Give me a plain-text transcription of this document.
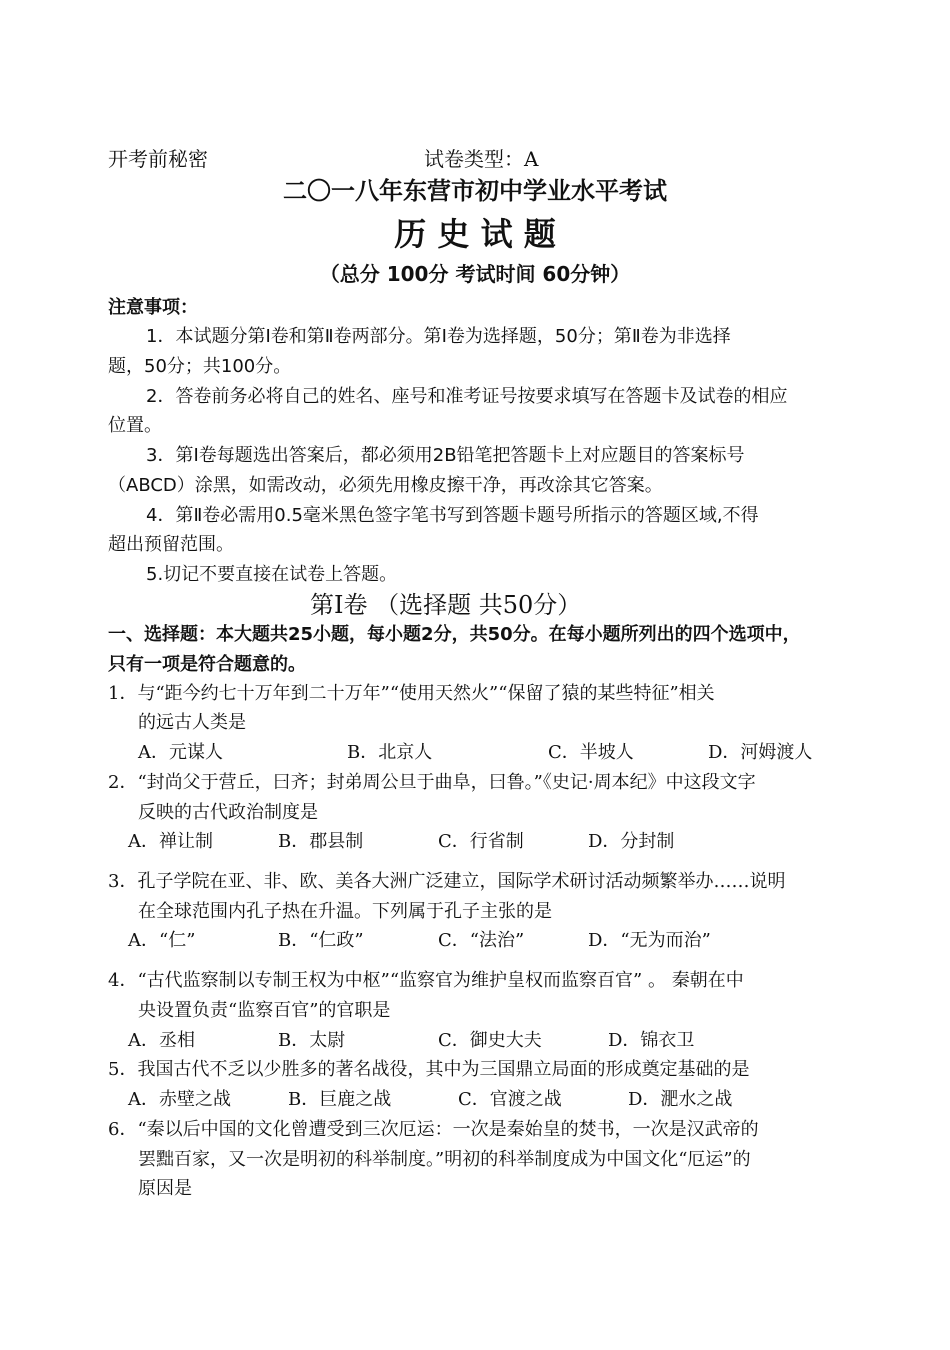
开考前秘密	试卷类型：A
二〇一八年东营市初中学业水平考试
历 史 试 题
（总分 100分 考试时间 60分钟）
注意事项：
1．本试题分第Ⅰ卷和第Ⅱ卷两部分。第Ⅰ卷为选择题，50分；第Ⅱ卷为非选择
题，50分；共100分。
2．答卷前务必将自己的姓名、座号和准考证号按要求填写在答题卡及试卷的相应
位置。
3．第Ⅰ卷每题选出答案后，都必须用2B铅笔把答题卡上对应题目的答案标号
（ABCD）涂黑，如需改动，必须先用橡皮擦干净，再改涂其它答案。
4．第Ⅱ卷必需用0.5毫米黑色签字笔书写到答题卡题号所指示的答题区域,不得
超出预留范围。
5.切记不要直接在试卷上答题。
第Ⅰ卷 （选择题 共50分）
一、选择题：本大题共25小题，每小题2分，共50分。在每小题所列出的四个选项中，
只有一项是符合题意的。
1．与“距今约七十万年到二十万年”“使用天然火”“保留了猿的某些特征”相关
的远古人类是
A．元谋人	B．北京人	C．半坡人	D．河姆渡人
2．“封尚父于营丘，曰齐；封弟周公旦于曲阜，曰鲁。”《史记·周本纪》中这段文字
反映的古代政治制度是
A．禅让制	B．郡县制	C．行省制	D．分封制
3．孔子学院在亚、非、欧、美各大洲广泛建立，国际学术研讨活动频繁举办……说明
在全球范围内孔子热在升温。下列属于孔子主张的是
A．“仁”	B．“仁政”	C．“法治”	D．“无为而治”
4．“古代监察制以专制王权为中枢”“监察官为维护皇权而监察百官” 。 秦朝在中
央设置负责“监察百官”的官职是
A．丞相	B．太尉	C．御史大夫	D．锦衣卫
5．我国古代不乏以少胜多的著名战役，其中为三国鼎立局面的形成奠定基础的是
A．赤壁之战	B．巨鹿之战	C．官渡之战	D．淝水之战
6．“秦以后中国的文化曾遭受到三次厄运：一次是秦始皇的焚书，一次是汉武帝的
罢黜百家，又一次是明初的科举制度。”明初的科举制度成为中国文化“厄运”的
原因是
